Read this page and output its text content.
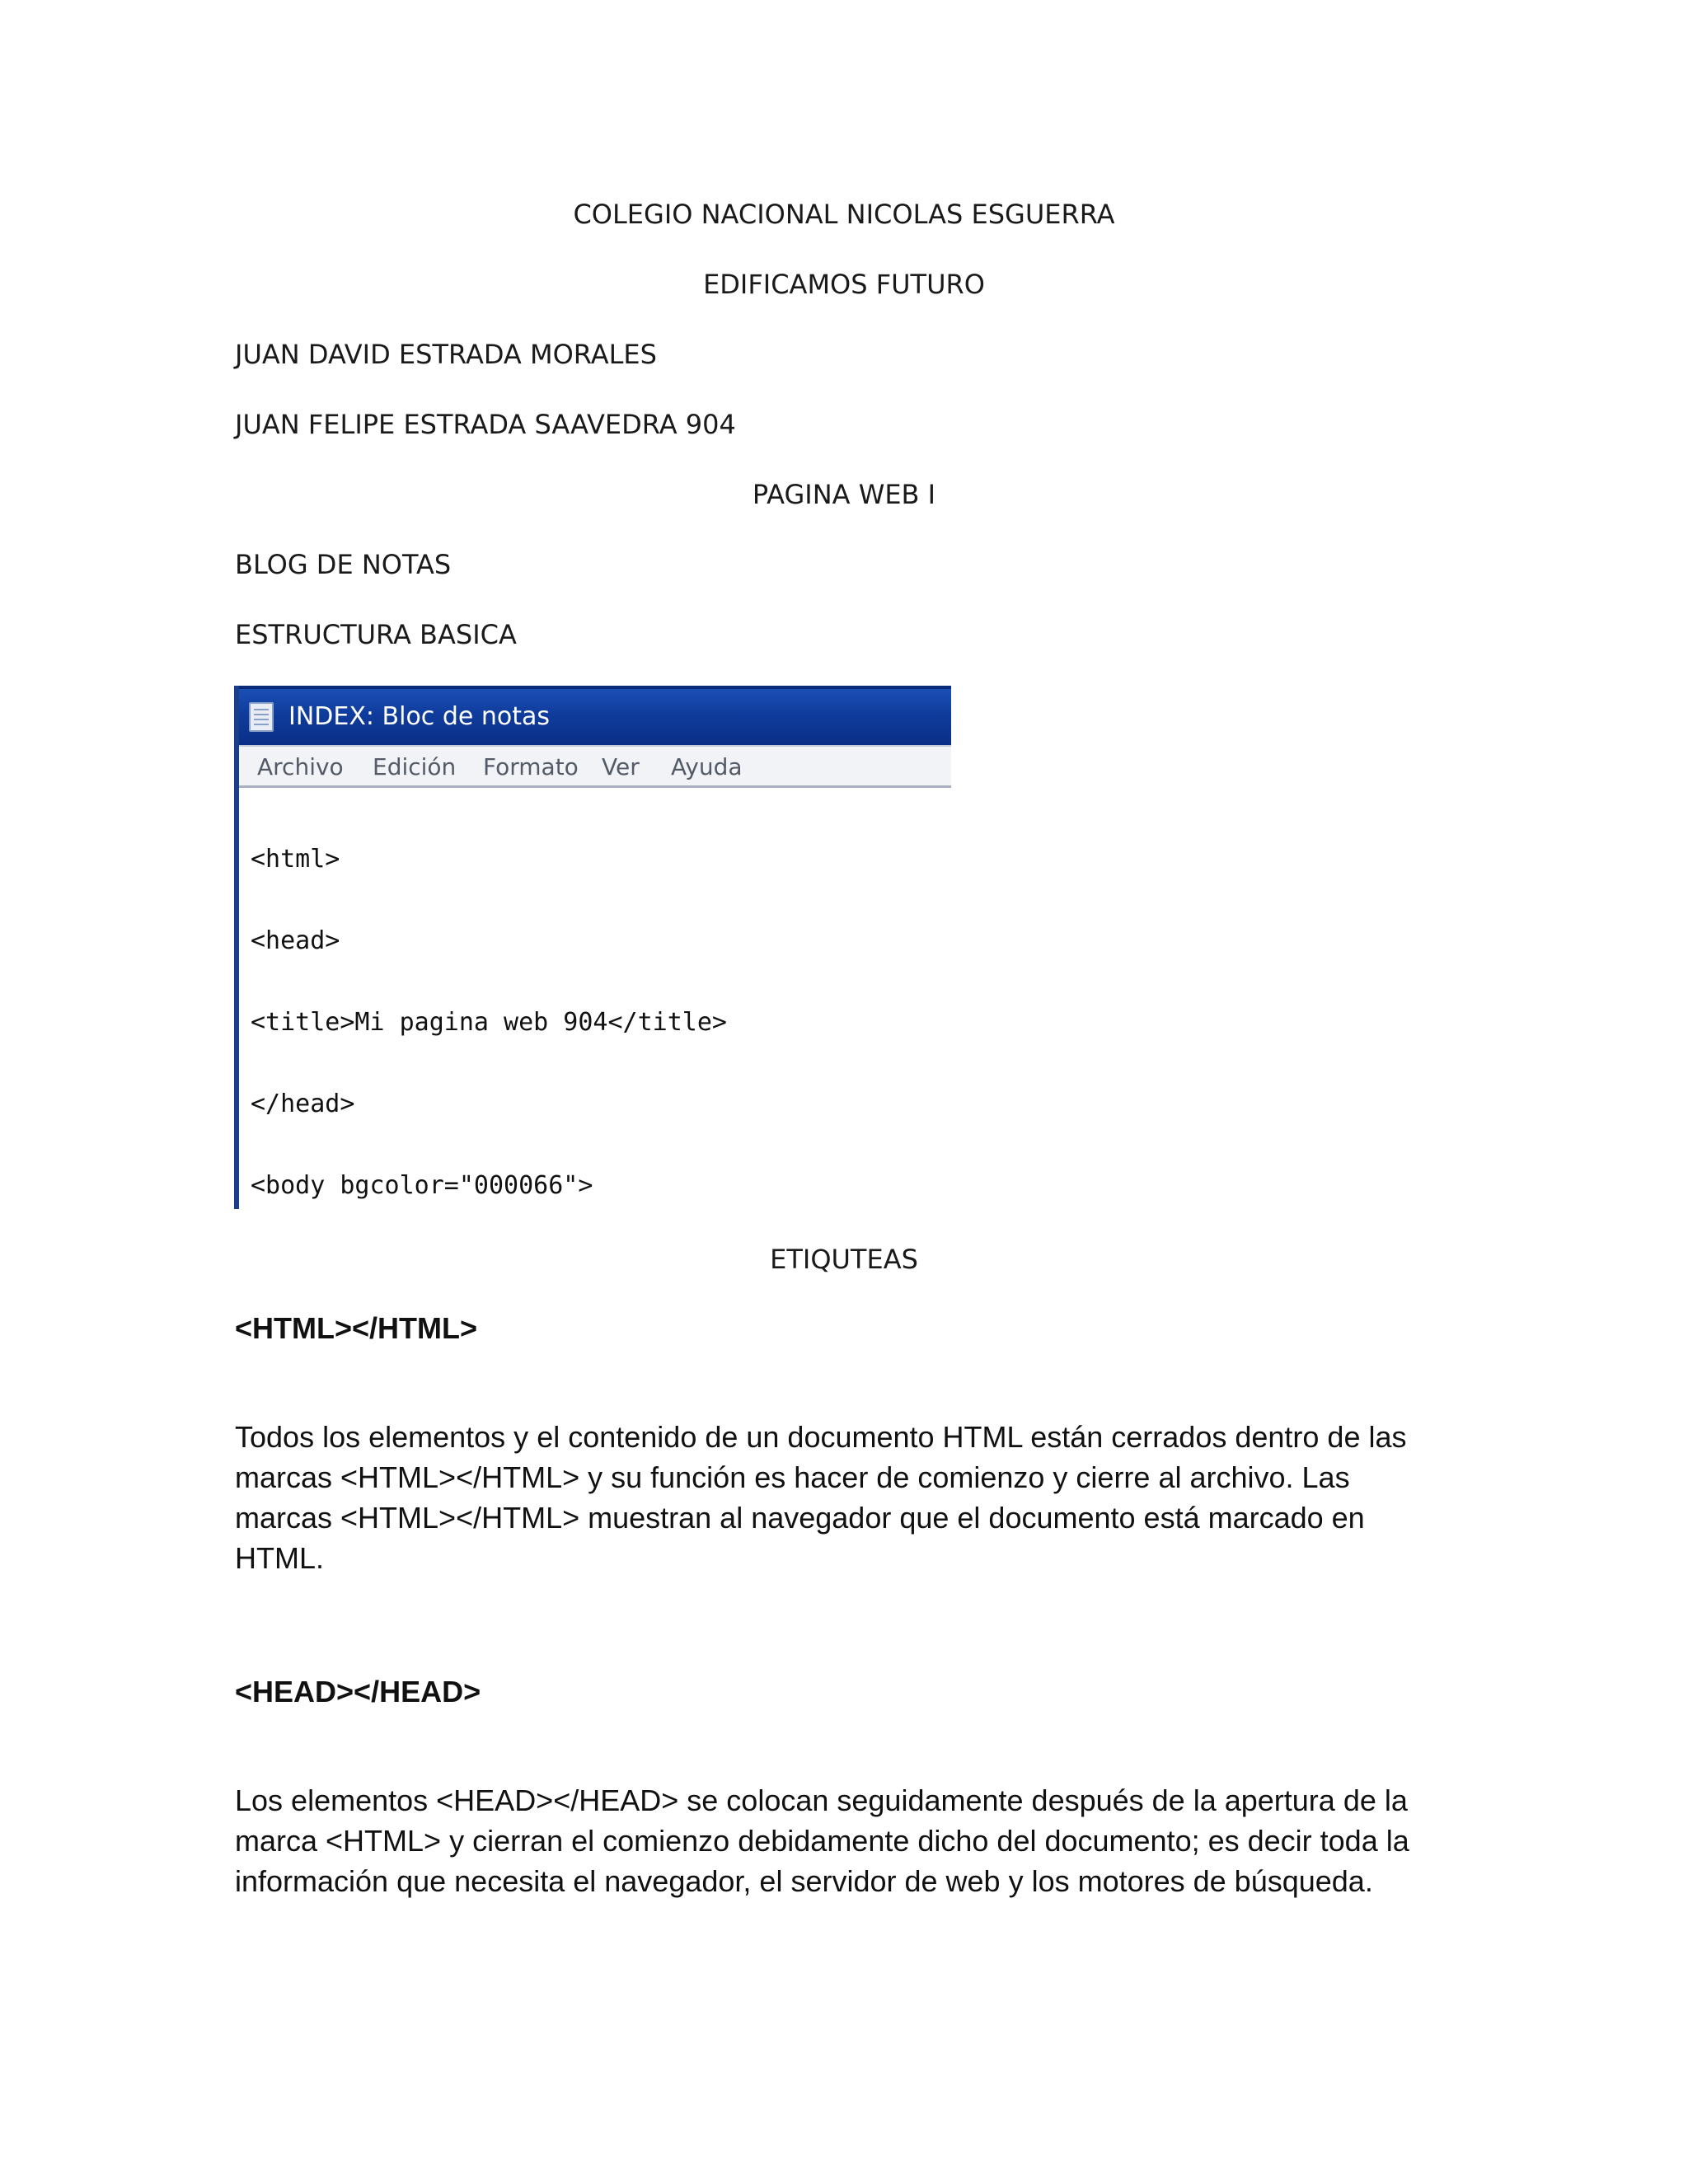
COLEGIO NACIONAL NICOLAS ESGUERRA
EDIFICAMOS FUTURO
JUAN DAVID ESTRADA MORALES
JUAN FELIPE ESTRADA SAAVEDRA 904
PAGINA WEB I
BLOG DE NOTAS
ESTRUCTURA BASICA
INDEX: Bloc de notas
Archivo Edición Formato Ver Ayuda

<html>

<head>

<title>Mi pagina web 904</title>

</head>

<body bgcolor="000066">

ETIQUTEAS
<HTML></HTML>
Todos los elementos y el contenido de un documento HTML están cerrados dentro de las
marcas <HTML></HTML> y su función es hacer de comienzo y cierre al archivo. Las
marcas <HTML></HTML> muestran al navegador que el documento está marcado en
HTML.
<HEAD></HEAD>
Los elementos <HEAD></HEAD> se colocan seguidamente después de la apertura de la
marca <HTML> y cierran el comienzo debidamente dicho del documento; es decir toda la
información que necesita el navegador, el servidor de web y los motores de búsqueda.
